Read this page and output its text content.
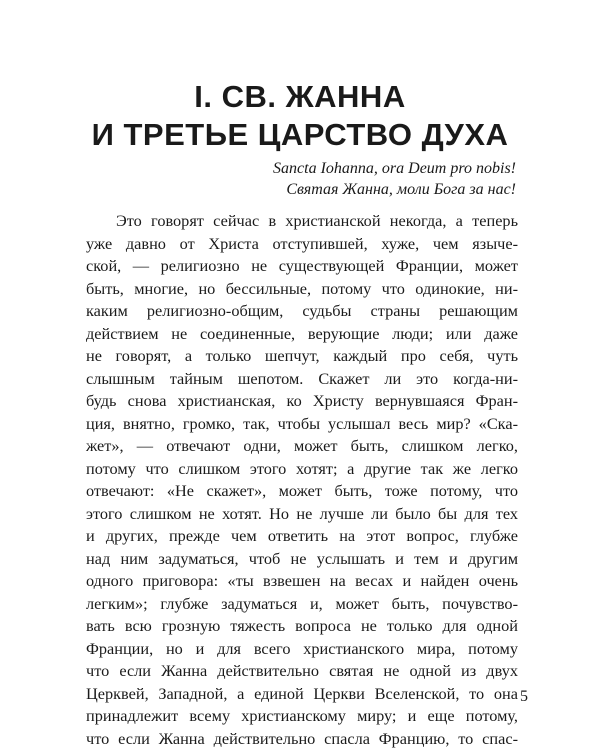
I. СВ. ЖАННА
И ТРЕТЬЕ ЦАРСТВО ДУХА
Sancta Iohanna, ora Deum pro nobis!
Святая Жанна, моли Бога за нас!
Это говорят сейчас в христианской некогда, а теперь
уже давно от Христа отступившей, хуже, чем языче-
ской, — религиозно не существующей Франции, может
быть, многие, но бессильные, потому что одинокие, ни-
каким религиозно-общим, судьбы страны решающим
действием не соединенные, верующие люди; или даже
не говорят, а только шепчут, каждый про себя, чуть
слышным тайным шепотом. Скажет ли это когда-ни-
будь снова христианская, ко Христу вернувшаяся Фран-
ция, внятно, громко, так, чтобы услышал весь мир? «Ска-
жет», — отвечают одни, может быть, слишком легко,
потому что слишком этого хотят; а другие так же легко
отвечают: «Не скажет», может быть, тоже потому, что
этого слишком не хотят. Но не лучше ли было бы для тех
и других, прежде чем ответить на этот вопрос, глубже
над ним задуматься, чтоб не услышать и тем и другим
одного приговора: «ты взвешен на весах и найден очень
легким»; глубже задуматься и, может быть, почувство-
вать всю грозную тяжесть вопроса не только для одной
Франции, но и для всего христианского мира, потому
что если Жанна действительно святая не одной из двух
Церквей, Западной, а единой Церкви Вселенской, то она
принадлежит всему христианскому миру; и еще потому,
что если Жанна действительно спасла Францию, то спас-
5
